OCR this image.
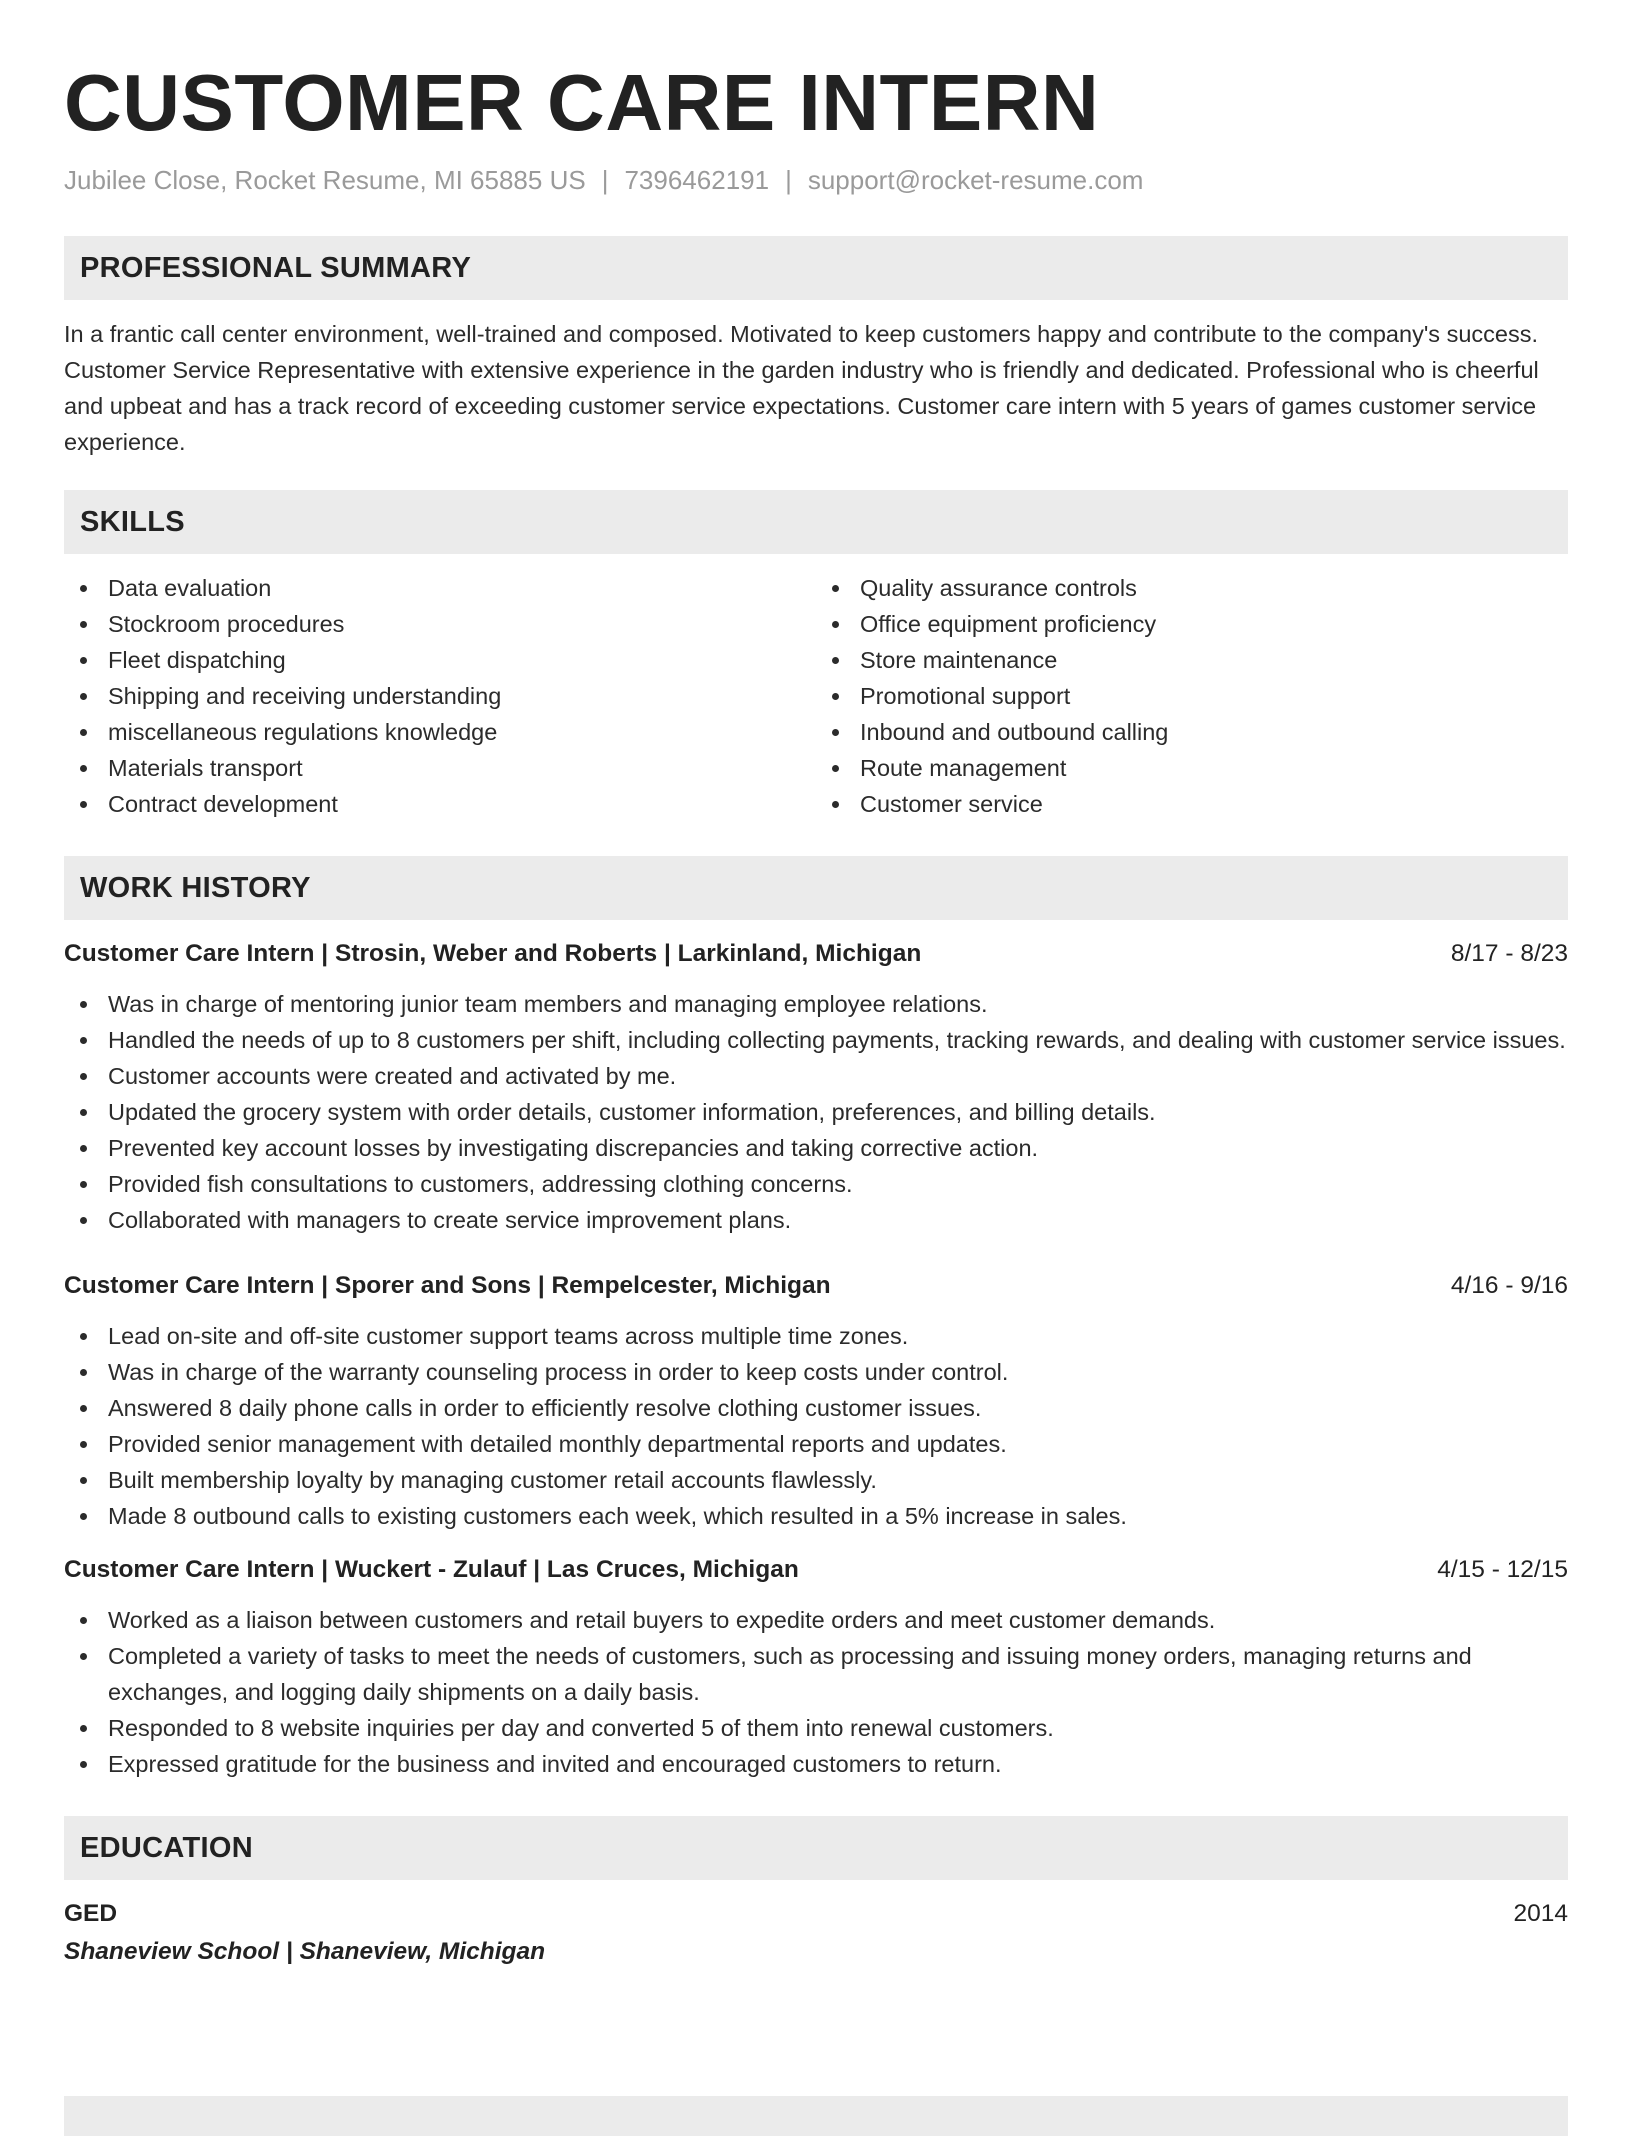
CUSTOMER CARE INTERN
Jubilee Close, Rocket Resume, MI 65885 US | 7396462191 | support@rocket-resume.com
PROFESSIONAL SUMMARY

In a frantic call center environment, well-trained and composed. Motivated to keep customers happy and contribute to the company's success. Customer Service Representative with extensive experience in the garden industry who is friendly and dedicated. Professional who is cheerful and upbeat and has a track record of exceeding customer service expectations. Customer care intern with 5 years of games customer service experience.

SKILLS
Data evaluation
Stockroom procedures
Fleet dispatching
Shipping and receiving understanding
miscellaneous regulations knowledge
Materials transport
Contract development
Quality assurance controls
Office equipment proficiency
Store maintenance
Promotional support
Inbound and outbound calling
Route management
Customer service
WORK HISTORY
Customer Care Intern | Strosin, Weber and Roberts | Larkinland, Michigan	8/17 - 8/23
Was in charge of mentoring junior team members and managing employee relations.
Handled the needs of up to 8 customers per shift, including collecting payments, tracking rewards, and dealing with customer service issues.
Customer accounts were created and activated by me.
Updated the grocery system with order details, customer information, preferences, and billing details.
Prevented key account losses by investigating discrepancies and taking corrective action.
Provided fish consultations to customers, addressing clothing concerns.
Collaborated with managers to create service improvement plans.
Customer Care Intern | Sporer and Sons | Rempelcester, Michigan	4/16 - 9/16
Lead on-site and off-site customer support teams across multiple time zones.
Was in charge of the warranty counseling process in order to keep costs under control.
Answered 8 daily phone calls in order to efficiently resolve clothing customer issues.
Provided senior management with detailed monthly departmental reports and updates.
Built membership loyalty by managing customer retail accounts flawlessly.
Made 8 outbound calls to existing customers each week, which resulted in a 5% increase in sales.
Customer Care Intern | Wuckert - Zulauf | Las Cruces, Michigan	4/15 - 12/15
Worked as a liaison between customers and retail buyers to expedite orders and meet customer demands.
Completed a variety of tasks to meet the needs of customers, such as processing and issuing money orders, managing returns and exchanges, and logging daily shipments on a daily basis.
Responded to 8 website inquiries per day and converted 5 of them into renewal customers.
Expressed gratitude for the business and invited and encouraged customers to return.
EDUCATION
GED	2014
Shaneview School | Shaneview, Michigan
